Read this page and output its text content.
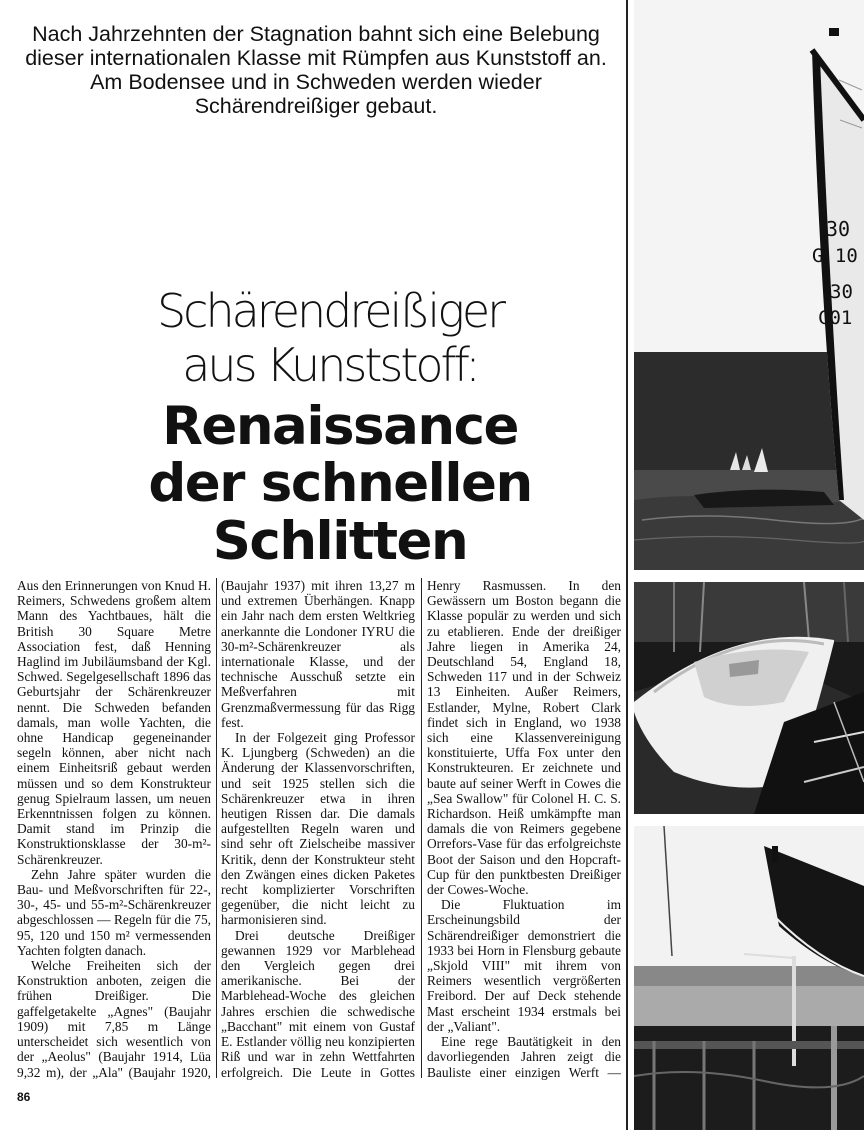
Nach Jahrzehnten der Stagnation bahnt sich eine Belebung dieser internationalen Klasse mit Rümpfen aus Kunststoff an. Am Bodensee und in Schweden werden wieder Schärendreißiger gebaut.
Schärendreißiger
aus Kunststoff:
Renaissance
der schnellen
Schlitten

Aus den Erinnerungen von Knud H. Reimers, Schwedens großem altem Mann des Yachtbaues, hält die British 30 Square Metre Association fest, daß Henning Haglind im Jubiläumsband der Kgl. Schwed. Segelgesellschaft 1896 das Geburtsjahr der Schärenkreuzer nennt. Die Schweden befanden damals, man wolle Yachten, die ohne Handicap gegeneinander segeln können, aber nicht nach einem Einheitsriß gebaut werden müssen und so dem Konstrukteur genug Spielraum lassen, um neuen Erkenntnissen folgen zu können. Damit stand im Prinzip die Konstruktionsklasse der 30-m²-Schärenkreuzer.

Zehn Jahre später wurden die Bau- und Meßvorschriften für 22-, 30-, 45- und 55-m²-Schärenkreuzer abgeschlossen — Regeln für die 75, 95, 120 und 150 m² vermessenden Yachten folgten danach.

Welche Freiheiten sich der Konstruktion anboten, zeigen die frühen Dreißiger. Die gaffelgetakelte „Agnes" (Baujahr 1909) mit 7,85 m Länge unterscheidet sich wesentlich von der „Aeolus" (Baujahr 1914, Lüa 9,32 m), der „Ala" (Baujahr 1920,

(Baujahr 1937) mit ihren 13,27 m und extremen Überhängen. Knapp ein Jahr nach dem ersten Weltkrieg anerkannte die Londoner IYRU die 30-m²-Schärenkreuzer als internationale Klasse, und der technische Ausschuß setzte ein Meßverfahren mit Grenzmaßvermessung für das Rigg fest.

In der Folgezeit ging Professor K. Ljungberg (Schweden) an die Änderung der Klassenvorschriften, und seit 1925 stellen sich die Schärenkreuzer etwa in ihren heutigen Rissen dar. Die damals aufgestellten Regeln waren und sind sehr oft Zielscheibe massiver Kritik, denn der Konstrukteur steht den Zwängen eines dicken Paketes recht komplizierter Vorschriften gegenüber, die nicht leicht zu harmonisieren sind.

Drei deutsche Dreißiger gewannen 1929 vor Marblehead den Vergleich gegen drei amerikanische. Bei der Marblehead-Woche des gleichen Jahres erschien die schwedische „Bacchant" mit einem von Gustaf E. Estlander völlig neu konzipierten Riß und war in zehn Wettfahrten erfolgreich. Die Leute in Gottes

Henry Rasmussen. In den Gewässern um Boston begann die Klasse populär zu werden und sich zu etablieren. Ende der dreißiger Jahre liegen in Amerika 24, Deutschland 54, England 18, Schweden 117 und in der Schweiz 13 Einheiten. Außer Reimers, Estlander, Mylne, Robert Clark findet sich in England, wo 1938 sich eine Klassenvereinigung konstituierte, Uffa Fox unter den Konstrukteuren. Er zeichnete und baute auf seiner Werft in Cowes die „Sea Swallow" für Colonel H. C. S. Richardson. Heiß umkämpfte man damals die von Reimers gegebene Orrefors-Vase für das erfolgreichste Boot der Saison und den Hopcraft-Cup für den punktbesten Dreißiger der Cowes-Woche.

Die Fluktuation im Erscheinungsbild der Schärendreißiger demonstriert die 1933 bei Horn in Flensburg gebaute „Skjold VIII" mit ihrem von Reimers wesentlich vergrößerten Freibord. Der auf Deck stehende Mast erscheint 1934 erstmals bei der „Valiant".

Eine rege Bautätigkeit in den davorliegenden Jahren zeigt die Bauliste einer einzigen Werft —

86
30
G 10
30
C01
